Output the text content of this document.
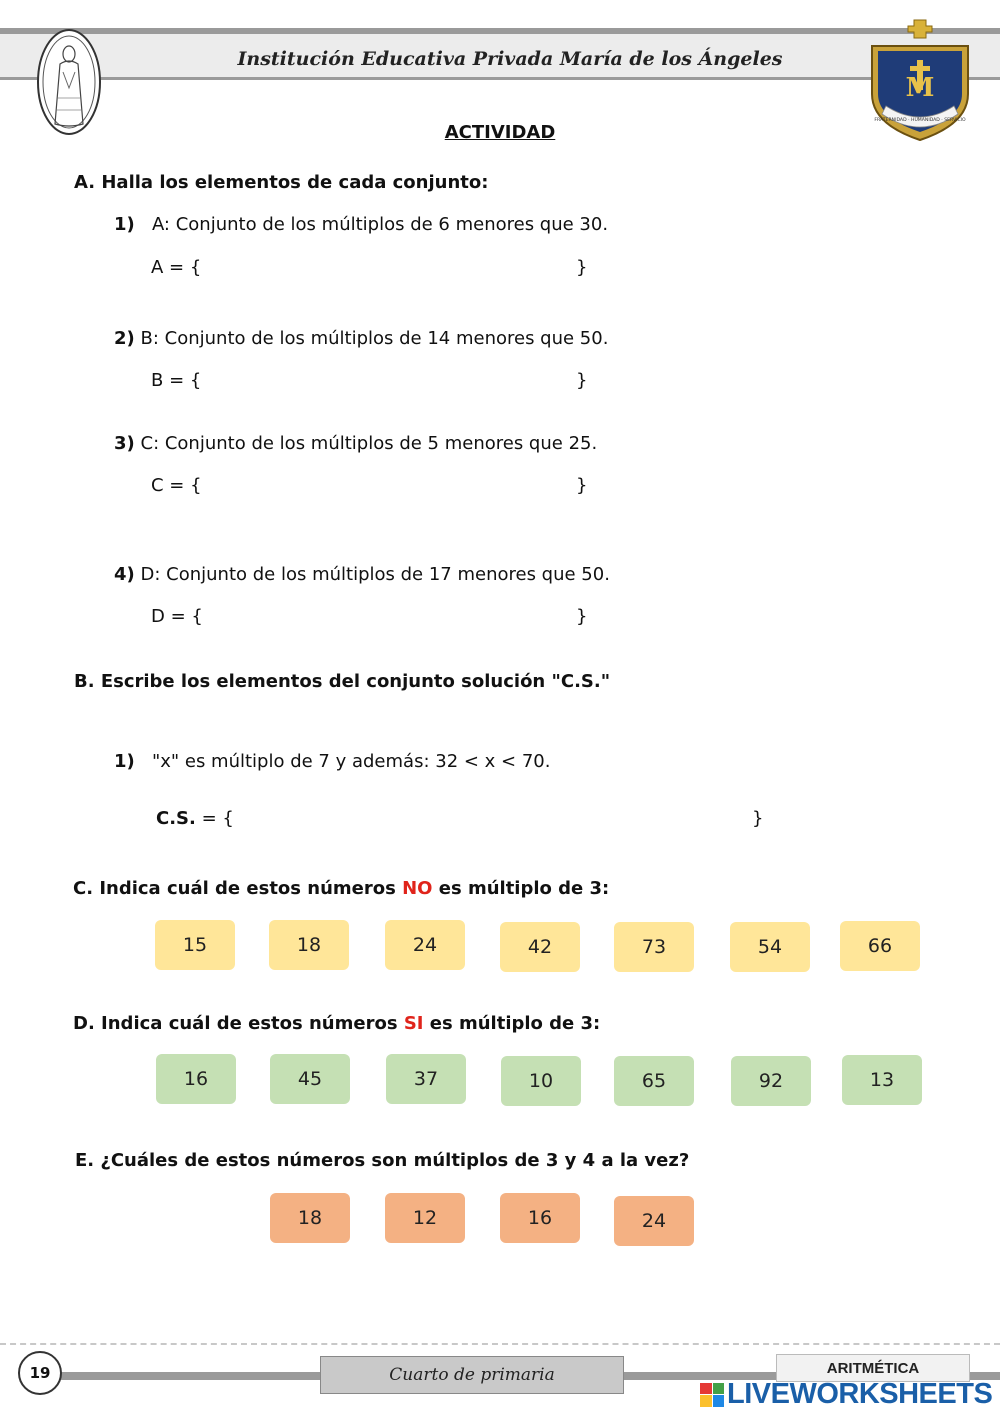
Institución Educativa Privada María de los Ángeles
M
FRATERNIDAD · HUMANIDAD · SERVICIO
ACTIVIDAD
A. Halla los elementos de cada conjunto:
1) A: Conjunto de los múltiplos de 6 menores que 30.
A = {	}
2) B: Conjunto de los múltiplos de 14 menores que 50.
B = {	}
3) C: Conjunto de los múltiplos de 5 menores que 25.
C = {	}
4) D: Conjunto de los múltiplos de 17 menores que 50.
D = {	}
B. Escribe los elementos del conjunto solución "C.S."
1) "x" es múltiplo de 7 y además: 32 < x < 70.
C.S. = {	}
C. Indica cuál de estos números NO es múltiplo de 3:
15	18	24	42	73	54	66
D. Indica cuál de estos números SI es múltiplo de 3:
16	45	37	10	65	92	13
E. ¿Cuáles de estos números son múltiplos de 3 y 4 a la vez?
18	12	16	24
19	Cuarto de primaria	ARITMÉTICA
LIVEWORKSHEETS
